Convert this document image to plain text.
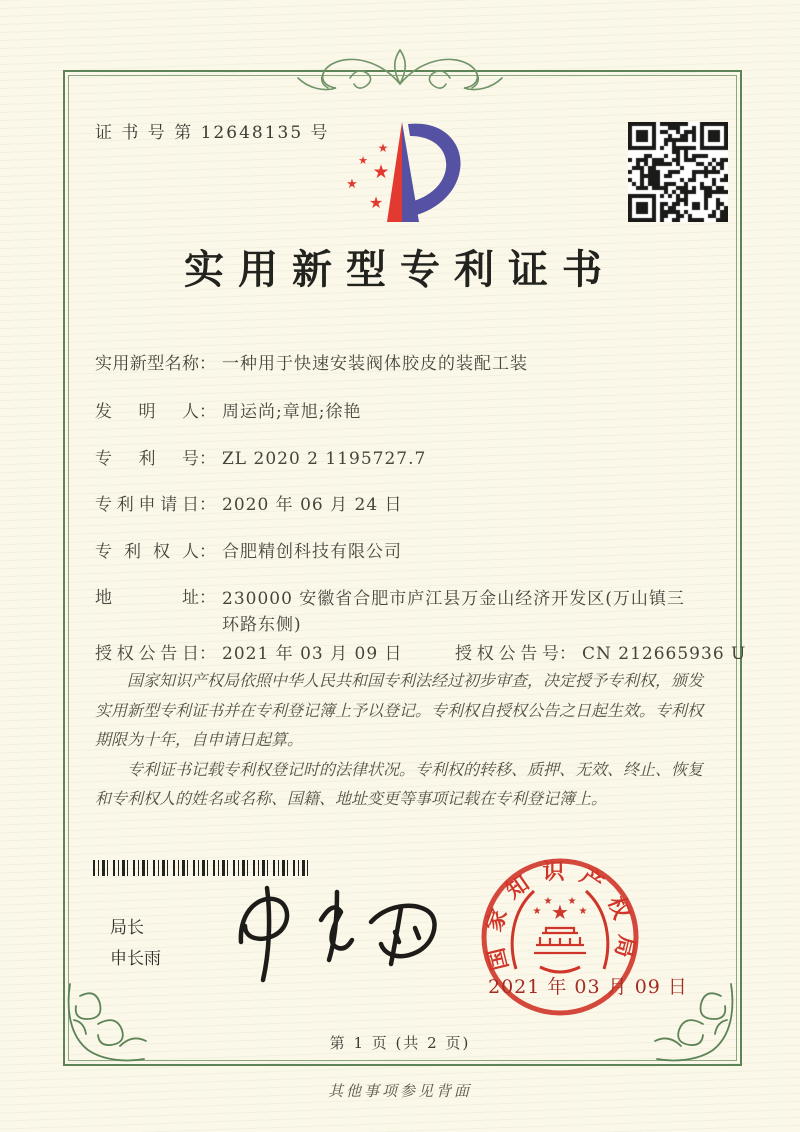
证 书 号 第 12648135 号
★
★
★
★
★
实用新型专利证书
实用新型名称： 一种用于快速安装阀体胶皮的装配工装
发明人： 周运尚;章旭;徐艳
专利号： ZL 2020 2 1195727.7
专利申请日： 2020 年 06 月 24 日
专利权人： 合肥精创科技有限公司
地址： 230000 安徽省合肥市庐江县万金山经济开发区(万山镇三环路东侧)
授权公告日： 2021 年 03 月 09 日	授权公告号： CN 212665936 U

国家知识产权局依照中华人民共和国专利法经过初步审查，决定授予专利权，颁发实用新型专利证书并在专利登记簿上予以登记。专利权自授权公告之日起生效。专利权期限为十年，自申请日起算。

专利证书记载专利权登记时的法律状况。专利权的转移、质押、无效、终止、恢复和专利权人的姓名或名称、国籍、地址变更等事项记载在专利登记簿上。

局长
申长雨	国家知识产权局
★
★
★ ★
★
2021 年 03 月 09 日
第 1 页 (共 2 页)
其他事项参见背面
